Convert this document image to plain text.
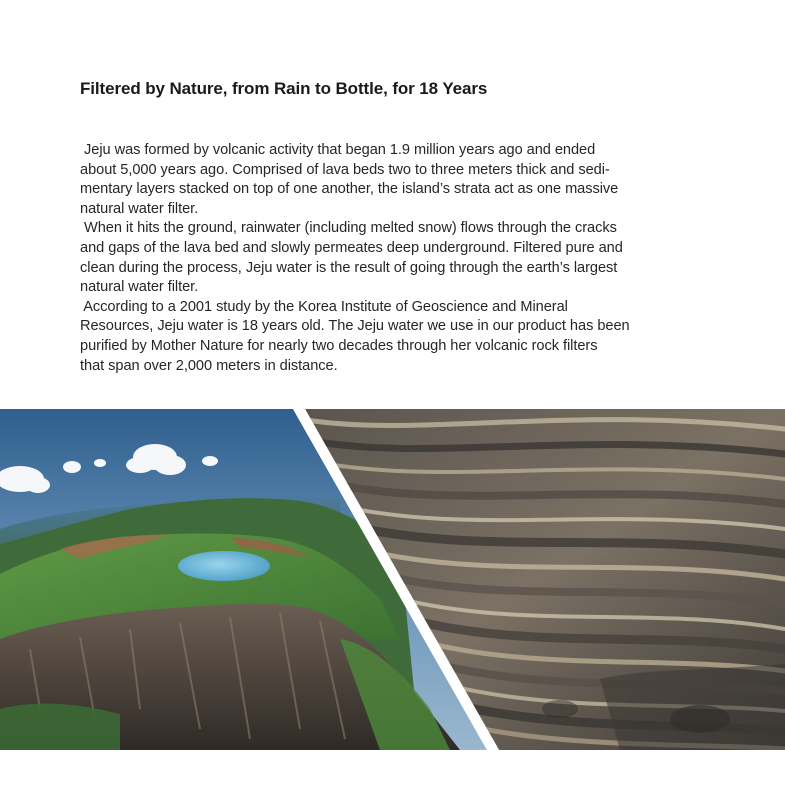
Filtered by Nature, from Rain to Bottle, for 18 Years
Jeju was formed by volcanic activity that began 1.9 million years ago and ended
about 5,000 years ago. Comprised of lava beds two to three meters thick and sedi-
mentary layers stacked on top of one another, the island’s strata act as one massive
natural water filter.
When it hits the ground, rainwater (including melted snow) flows through the cracks
and gaps of the lava bed and slowly permeates deep underground. Filtered pure and
clean during the process, Jeju water is the result of going through the earth’s largest
natural water filter.
According to a 2001 study by the Korea Institute of Geoscience and Mineral
Resources, Jeju water is 18 years old. The Jeju water we use in our product has been
purified by Mother Nature for nearly two decades through her volcanic rock filters
that span over 2,000 meters in distance.
